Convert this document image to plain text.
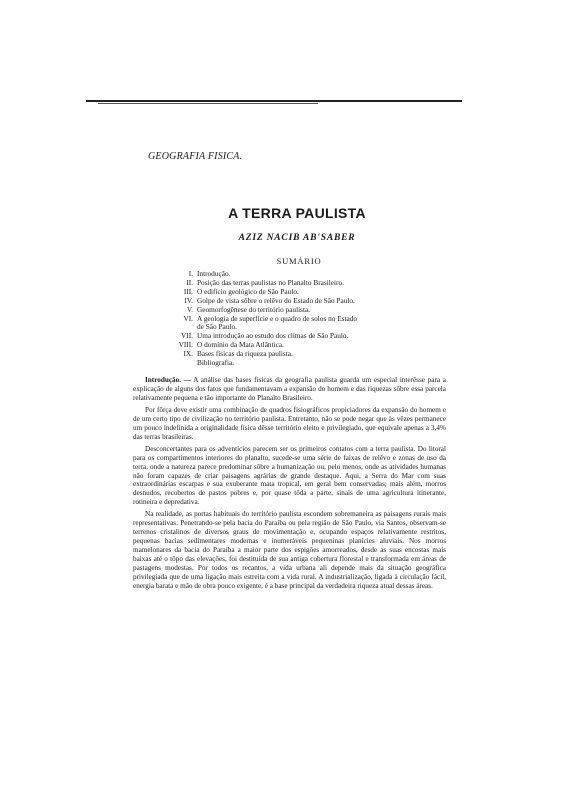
GEOGRAFIA FISICA.
A TERRA PAULISTA
AZIZ NACIB AB'SABER
SUMÁRIO
I. Introdução.
II. Posição das terras paulistas no Planalto Brasileiro.
III. O edifício geológico de São Paulo.
IV. Golpe de vista sôbre o relêvo do Estado de São Paulo.
V. Geomorfogênese do território paulista.
VI. A geologia de superfície e o quadro de solos no Estado
de São Paulo.
VII. Uma introdução ao estudo dos climas de São Paulo.
VIII. O domínio da Mata Atlântica.
IX. Bases físicas da riqueza paulista.
Bibliografia.

Introdução. — A análise das bases físicas da geografia paulista guarda um especial interêsse para a explicação de alguns dos fatos que fundamentavam a expansão do homem e das riquezas sôbre essa parcela relativamente pequena e tão importante do Planalto Brasileiro.

Por fôrça deve existir uma combinação de quadros fisiográficos propiciadores da expansão do homem e de um certo tipo de civilização no território paulista. Entretanto, não se pode negar que às vêzes permanece um pouco indefinida a originalidade física dêsse território eleito e privilegiado, que equivale apenas a 3,4% das terras brasileiras.

Desconcertantes para os adventícios parecem ser os primeiros contatos com a terra paulista. Do litoral para os compartimentos interiores do planalto, sucede-se uma série de faixas de relêvo e zonas de uso da terra, onde a natureza parece predominar sôbre a humanização ou, pelo menos, onde as atividades humanas não foram capazes de criar paisagens agrárias de grande destaque. Aqui, a Serra do Mar com suas extraordinárias escarpas e sua exuberante mata tropical, em geral bem conservadas; mais além, morros desnudos, recobertos de pastos pobres e, por quase tôda a parte, sinais de uma agricultura itinerante, rotineira e depredativa.

Na realidade, as portas habituais do território paulista escondem sobremaneira as paisagens rurais mais representativas. Penetrando-se pela bacia do Paraíba ou pela região de São Paulo, via Santos, observam-se terrenos cristalinos de diversos graus de movimentação e, ocupando espaços relativamente restritos, pequenas bacias sedimentares modernas e inumeráveis pequeninas planícies aluviais. Nos morros mamelonares da bacia do Paraíba a maior parte dos espigões amorreados, desde as suas encostas mais baixas até o tôpo das elevações, foi destituída de sua antiga cobertura florestal e transformada em áreas de pastagens modestas. Por todos os recantos, a vida urbana ali depende mais da situação geográfica privilegiada que de uma ligação mais estreita com a vida rural. A industrialização, ligada à circulação fácil, energia barata e mão de obra pouco exigente, é a base principal da verdadeira riqueza atual dessas áreas.
